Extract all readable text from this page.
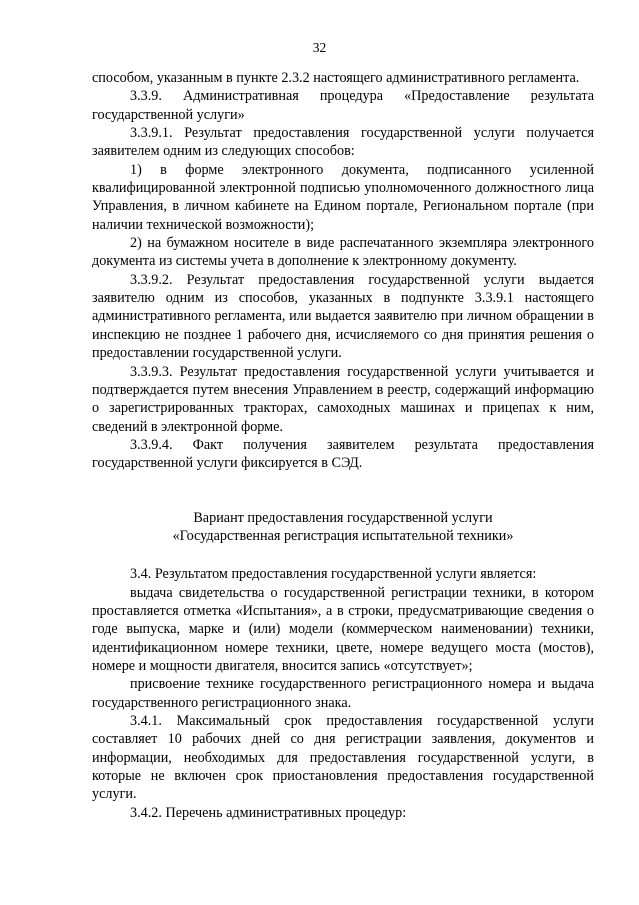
32

способом, указанным в пункте 2.3.2 настоящего административного регламента.

3.3.9. Административная процедура «Предоставление результата государственной услуги»

3.3.9.1. Результат предоставления государственной услуги получается заявителем одним из следующих способов:

1) в форме электронного документа, подписанного усиленной квалифицированной электронной подписью уполномоченного должностного лица Управления, в личном кабинете на Едином портале, Региональном портале (при наличии технической возможности);

2) на бумажном носителе в виде распечатанного экземпляра электронного документа из системы учета в дополнение к электронному документу.

3.3.9.2. Результат предоставления государственной услуги выдается заявителю одним из способов, указанных в подпункте 3.3.9.1 настоящего административного регламента, или выдается заявителю при личном обращении в инспекцию не позднее 1 рабочего дня, исчисляемого со дня принятия решения о предоставлении государственной услуги.

3.3.9.3. Результат предоставления государственной услуги учитывается и подтверждается путем внесения Управлением в реестр, содержащий информацию о зарегистрированных тракторах, самоходных машинах и прицепах к ним, сведений в электронной форме.

3.3.9.4. Факт получения заявителем результата предоставления государственной услуги фиксируется в СЭД.

Вариант предоставления государственной услуги

«Государственная регистрация испытательной техники»

3.4. Результатом предоставления государственной услуги является:

выдача свидетельства о государственной регистрации техники, в котором проставляется отметка «Испытания», а в строки, предусматривающие сведения о годе выпуска, марке и (или) модели (коммерческом наименовании) техники, идентификационном номере техники, цвете, номере ведущего моста (мостов), номере и мощности двигателя, вносится запись «отсутствует»;

присвоение технике государственного регистрационного номера и выдача государственного регистрационного знака.

3.4.1. Максимальный срок предоставления государственной услуги составляет 10 рабочих дней со дня регистрации заявления, документов и информации, необходимых для предоставления государственной услуги, в которые не включен срок приостановления предоставления государственной услуги.

3.4.2. Перечень административных процедур:
